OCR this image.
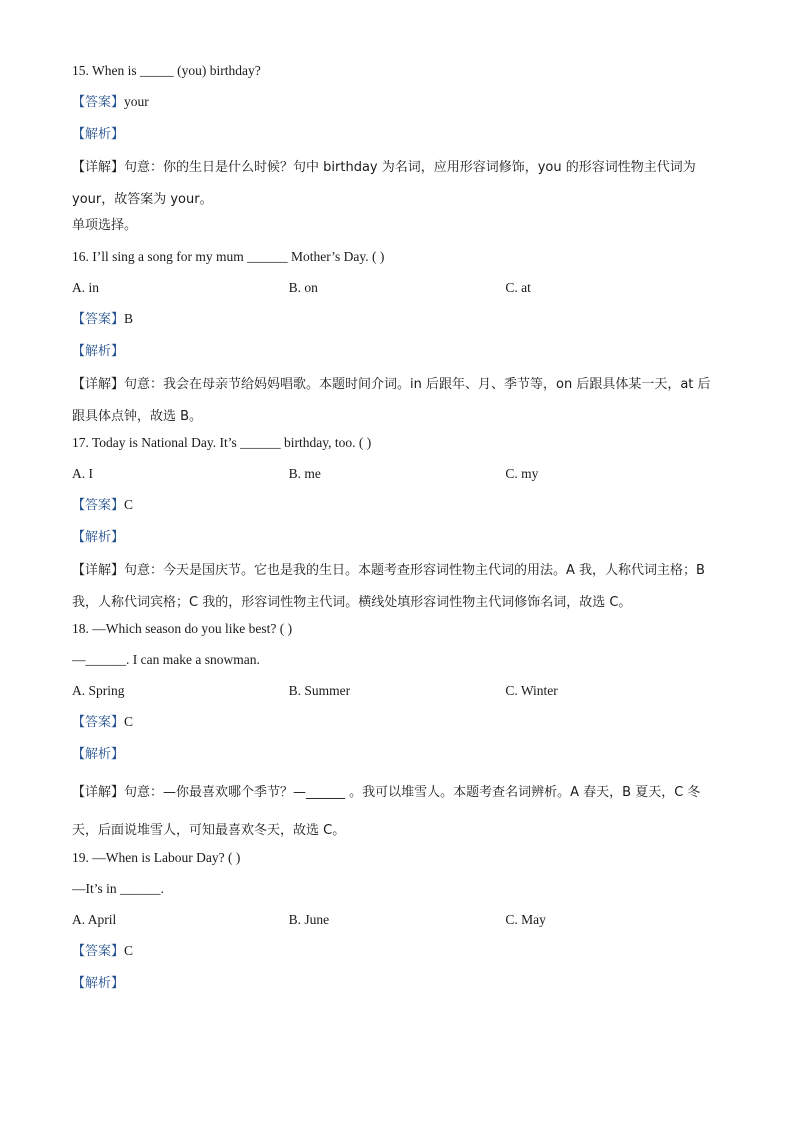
15. When is _____ (you) birthday?
【答案】your
【解析】
【详解】句意：你的生日是什么时候？句中 birthday 为名词，应用形容词修饰，you 的形容词性物主代词为 your，故答案为 your。
单项选择。
16. I’ll sing a song for my mum ______ Mother’s Day. ( )
A. in	B. on	C. at
【答案】B
【解析】
【详解】句意：我会在母亲节给妈妈唱歌。本题时间介词。in 后跟年、月、季节等，on 后跟具体某一天，at 后跟具体点钟，故选 B。
17. Today is National Day. It’s ______ birthday, too. ( )
A. I	B. me	C. my
【答案】C
【解析】
【详解】句意：今天是国庆节。它也是我的生日。本题考查形容词性物主代词的用法。A 我，人称代词主格；B 我，人称代词宾格；C 我的，形容词性物主代词。横线处填形容词性物主代词修饰名词，故选 C。
18. —Which season do you like best? ( )
—______. I can make a snowman.
A. Spring	B. Summer	C. Winter
【答案】C
【解析】
【详解】句意：—你最喜欢哪个季节？—______ 。我可以堆雪人。本题考查名词辨析。A 春天，B 夏天，C 冬天，后面说堆雪人，可知最喜欢冬天，故选 C。
19. —When is Labour Day? ( )
—It’s in ______.
A. April	B. June	C. May
【答案】C
【解析】
